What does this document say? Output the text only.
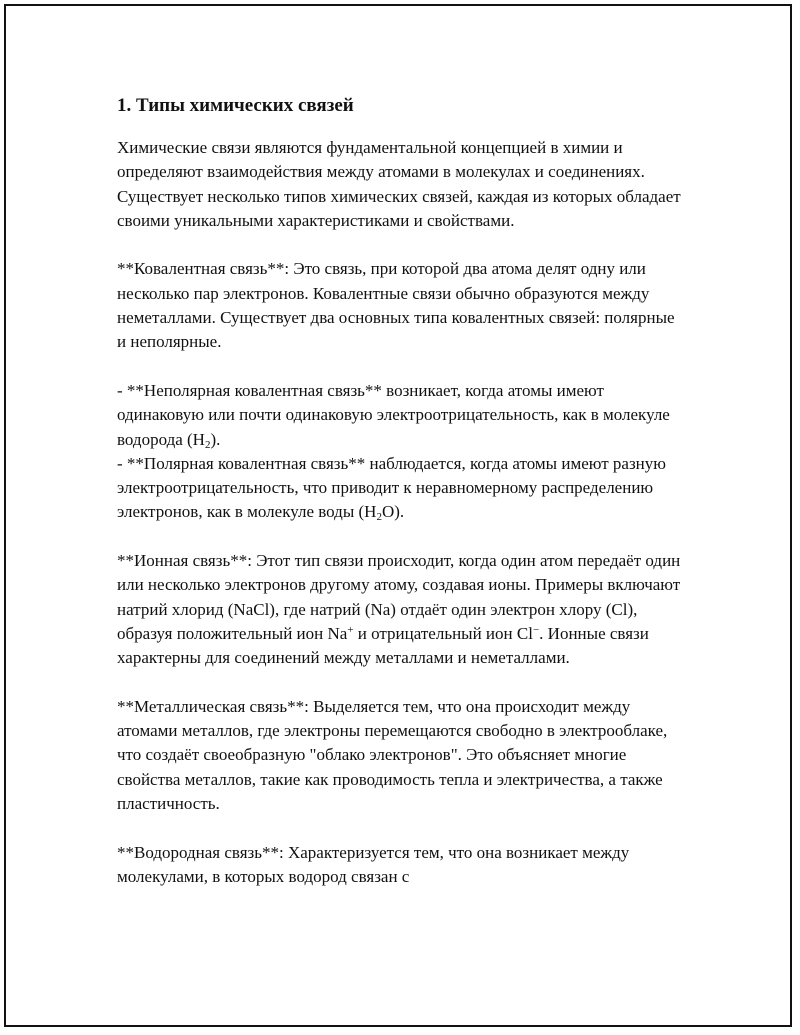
1. Типы химических связей

Химические связи являются фундаментальной концепцией в химии и определяют взаимодействия между атомами в молекулах и соединениях. Существует несколько типов химических связей, каждая из которых обладает своими уникальными характеристиками и свойствами.

**Ковалентная связь**: Это связь, при которой два атома делят одну или несколько пар электронов. Ковалентные связи обычно образуются между неметаллами. Существует два основных типа ковалентных связей: полярные и неполярные.

- **Неполярная ковалентная связь** возникает, когда атомы имеют одинаковую или почти одинаковую электроотрицательность, как в молекуле водорода $(H_2)$.

- **Полярная ковалентная связь** наблюдается, когда атомы имеют разную электроотрицательность, что приводит к неравномерному распределению электронов, как в молекуле воды $(H_2O)$.

**Ионная связь**: Этот тип связи происходит, когда один атом передаёт один или несколько электронов другому атому, создавая ионы. Примеры включают натрий хлорид (NaCl), где натрий (Na) отдаёт один электрон хлору (Cl), образуя положительный ион Na+ и отрицательный ион Cl−. Ионные связи характерны для соединений между металлами и неметаллами.

**Металлическая связь**: Выделяется тем, что она происходит между атомами металлов, где электроны перемещаются свободно в электрооблаке, что создаёт своеобразную "облако электронов". Это объясняет многие свойства металлов, такие как проводимость тепла и электричества, а также пластичность.

**Водородная связь**: Характеризуется тем, что она возникает между молекулами, в которых водород связан с
